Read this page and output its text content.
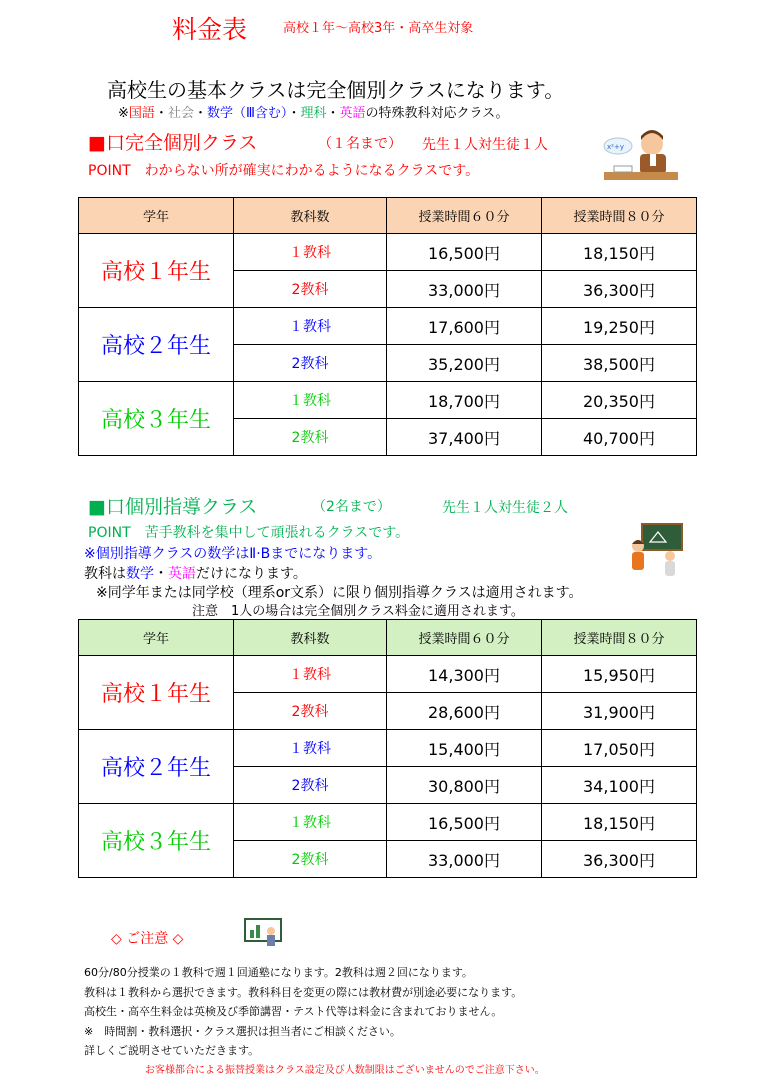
料金表	高校１年～高校3年・高卒生対象
高校生の基本クラスは完全個別クラスになります。
※国語・社会・数学（Ⅲ含む）・理科・英語の特殊教科対応クラス。
■口完全個別クラス	（１名まで） 先生１人対生徒１人
POINT　わからない所が確実にわかるようになるクラスです。
x²+y
学年	教科数	授業時間６０分	授業時間８０分
高校１年生	１教科	16,500円	18,150円
	2教科	33,000円	36,300円
高校２年生	１教科	17,600円	19,250円
	2教科	35,200円	38,500円
高校３年生	１教科	18,700円	20,350円
	2教科	37,400円	40,700円
■口個別指導クラス	（2名まで）	先生１人対生徒２人
POINT　苦手教科を集中して頑張れるクラスです。
※個別指導クラスの数学はⅡ·Bまでになります。
教科は数学・英語だけになります。
※同学年または同学校（理系or文系）に限り個別指導クラスは適用されます。
注意　1人の場合は完全個別クラス料金に適用されます。
学年	教科数	授業時間６０分	授業時間８０分
高校１年生	１教科	14,300円	15,950円
	2教科	28,600円	31,900円
高校２年生	１教科	15,400円	17,050円
	2教科	30,800円	34,100円
高校３年生	１教科	16,500円	18,150円
	2教科	33,000円	36,300円
◇ ご注意 ◇
60分/80分授業の１教科で週１回通塾になります。2教科は週２回になります。
教科は１教科から選択できます。教科科目を変更の際には教材費が別途必要になります。
高校生・高卒生料金は英検及び季節講習・テスト代等は料金に含まれておりません。
※　時間割・教科選択・クラス選択は担当者にご相談ください。
詳しくご説明させていただきます。
お客様都合による振替授業はクラス設定及び人数制限はございませんのでご注意下さい。
